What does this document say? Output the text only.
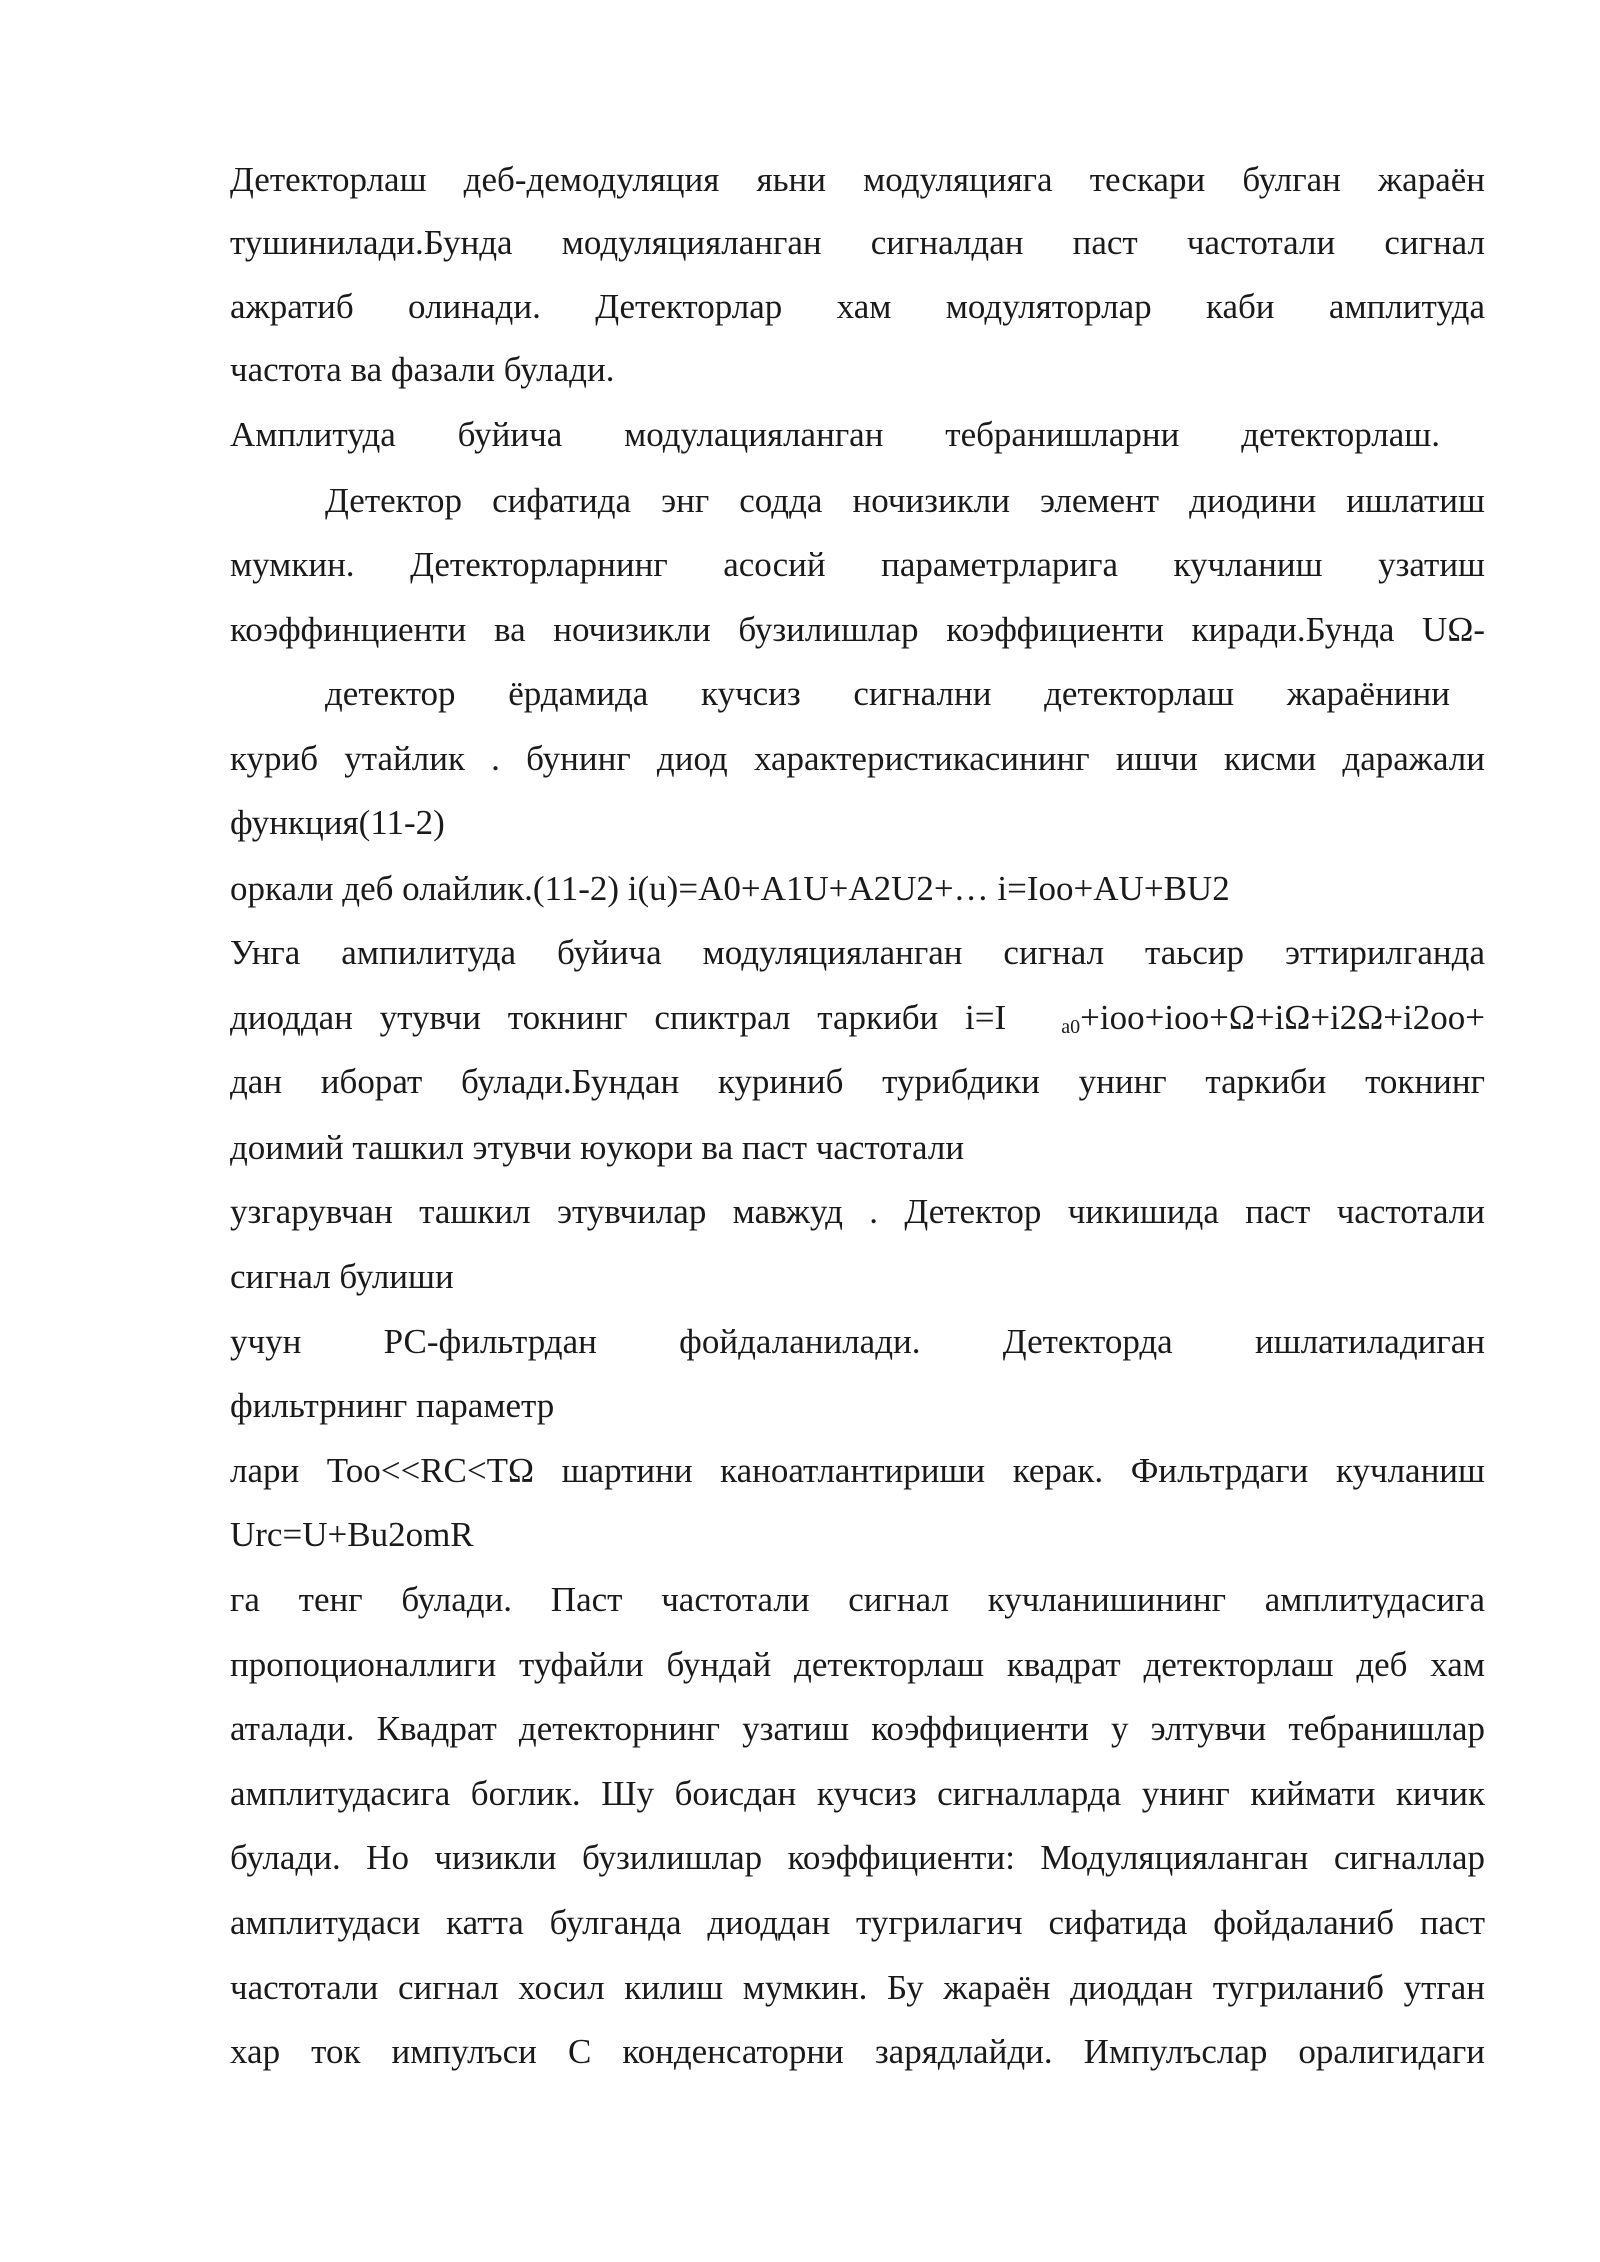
Детекторлаш деб-демодуляция яьни модуляцияга тескари булган жараён
тушинилади.Бунда модуляцияланган сигналдан паст частотали сигнал
ажратиб олинади. Детекторлар хам модуляторлар каби амплитуда
частота ва фазали булади.
Амплитуда буйича модулацияланган тебранишларни детекторлаш.
Детектор сифатида энг содда ночизикли элемент диодини ишлатиш
мумкин. Детекторларнинг асосий параметрларига кучланиш узатиш
коэффинциенти ва ночизикли бузилишлар коэффициенти киради.Бунда UΩ-
детектор ёрдамида кучсиз сигнални детекторлаш жараёнини
куриб утайлик . бунинг диод характеристикасининг ишчи кисми даражали
функция(11-2)
оркали деб олайлик.(11-2) i(u)=A0+A1U+A2U2+… i=Ioo+AU+BU2
Унга ампилитуда буйича модуляцияланган сигнал таьсир эттирилганда
диоддан утувчи токнинг спиктрал таркиби i=I	$_{a0}$+ioo+ioo+Ω+iΩ+i2Ω+i2oo+
дан иборат булади.Бундан куриниб турибдики унинг таркиби токнинг
доимий ташкил этувчи юукори ва паст частотали
узгарувчан ташкил этувчилар мавжуд . Детектор чикишида паст частотали
сигнал булиши
учун РС-фильтрдан фойдаланилади. Детекторда ишлатиладиган
фильтрнинг параметр
лари Too<<RC<TΩ шартини каноатлантириши керак. Фильтрдаги кучланиш
Urc=U+Bu2omR
га тенг булади. Паст частотали сигнал кучланишининг амплитудасига
пропоционаллиги туфайли бундай детекторлаш квадрат детекторлаш деб хам
аталади. Квадрат детекторнинг узатиш коэффициенти у элтувчи тебранишлар
амплитудасига боглик. Шу боисдан кучсиз сигналларда унинг киймати кичик
булади. Но чизикли бузилишлар коэффициенти: Модуляцияланган сигналлар
амплитудаси катта булганда диоддан тугрилагич сифатида фойдаланиб паст
частотали сигнал хосил килиш мумкин. Бу жараён диоддан тугриланиб утган
хар ток импулъси С конденсаторни зарядлайди. Импулъслар оралигидаги
